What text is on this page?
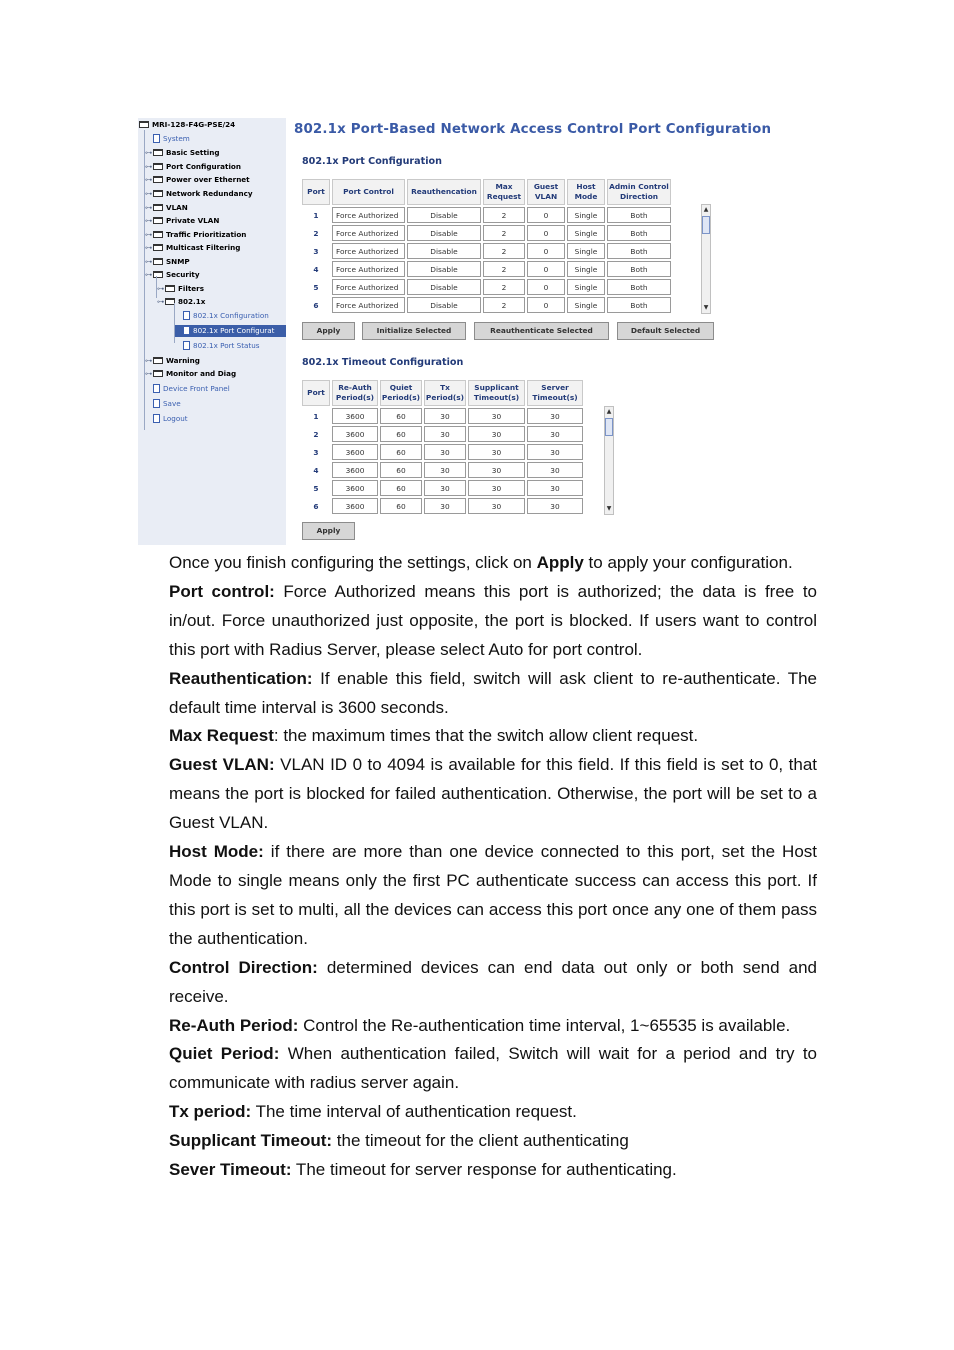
MRI-128-F4G-PSE/24
System
⊶ Basic Setting
⊶ Port Configuration
⊶ Power over Ethernet
⊶ Network Redundancy
⊶ VLAN
⊶ Private VLAN
⊶ Traffic Prioritization
⊶ Multicast Filtering
⊶ SNMP
⊶ Security
⊶ Filters
⊶ 802.1x
802.1x Configuration
802.1x Port Configurat
802.1x Port Status
⊶ Warning
⊶ Monitor and Diag
Device Front Panel
Save
Logout
802.1x Port-Based Network Access Control Port Configuration
802.1x Port Configuration
Port	Port Control	Reauthencation	Max Request	Guest VLAN	Host Mode	Admin Control Direction
1	Force Authorized	Disable	2	0	Single	Both
2	Force Authorized	Disable	2	0	Single	Both
3	Force Authorized	Disable	2	0	Single	Both
4	Force Authorized	Disable	2	0	Single	Both
5	Force Authorized	Disable	2	0	Single	Both
6	Force Authorized	Disable	2	0	Single	Both
▲
▼
Apply	Initialize Selected	Reauthenticate Selected	Default Selected
802.1x Timeout Configuration
Port	Re-Auth Period(s)	Quiet Period(s)	Tx Period(s)	Supplicant Timeout(s)	Server Timeout(s)
1	3600	60	30	30	30
2	3600	60	30	30	30
3	3600	60	30	30	30
4	3600	60	30	30	30
5	3600	60	30	30	30
6	3600	60	30	30	30
▲
▼
Apply

Once you finish configuring the settings, click on Apply to apply your configuration.

Port control: Force Authorized means this port is authorized; the data is free to in/out. Force unauthorized just opposite, the port is blocked. If users want to control this port with Radius Server, please select Auto for port control.

Reauthentication: If enable this field, switch will ask client to re-authenticate. The default time interval is 3600 seconds.

Max Request: the maximum times that the switch allow client request.

Guest VLAN: VLAN ID 0 to 4094 is available for this field. If this field is set to 0, that means the port is blocked for failed authentication. Otherwise, the port will be set to a Guest VLAN.

Host Mode: if there are more than one device connected to this port, set the Host Mode to single means only the first PC authenticate success can access this port. If this port is set to multi, all the devices can access this port once any one of them pass the authentication.

Control Direction: determined devices can end data out only or both send and receive.

Re-Auth Period: Control the Re-authentication time interval, 1~65535 is available.

Quiet Period: When authentication failed, Switch will wait for a period and try to communicate with radius server again.

Tx period: The time interval of authentication request.

Supplicant Timeout: the timeout for the client authenticating

Sever Timeout: The timeout for server response for authenticating.
